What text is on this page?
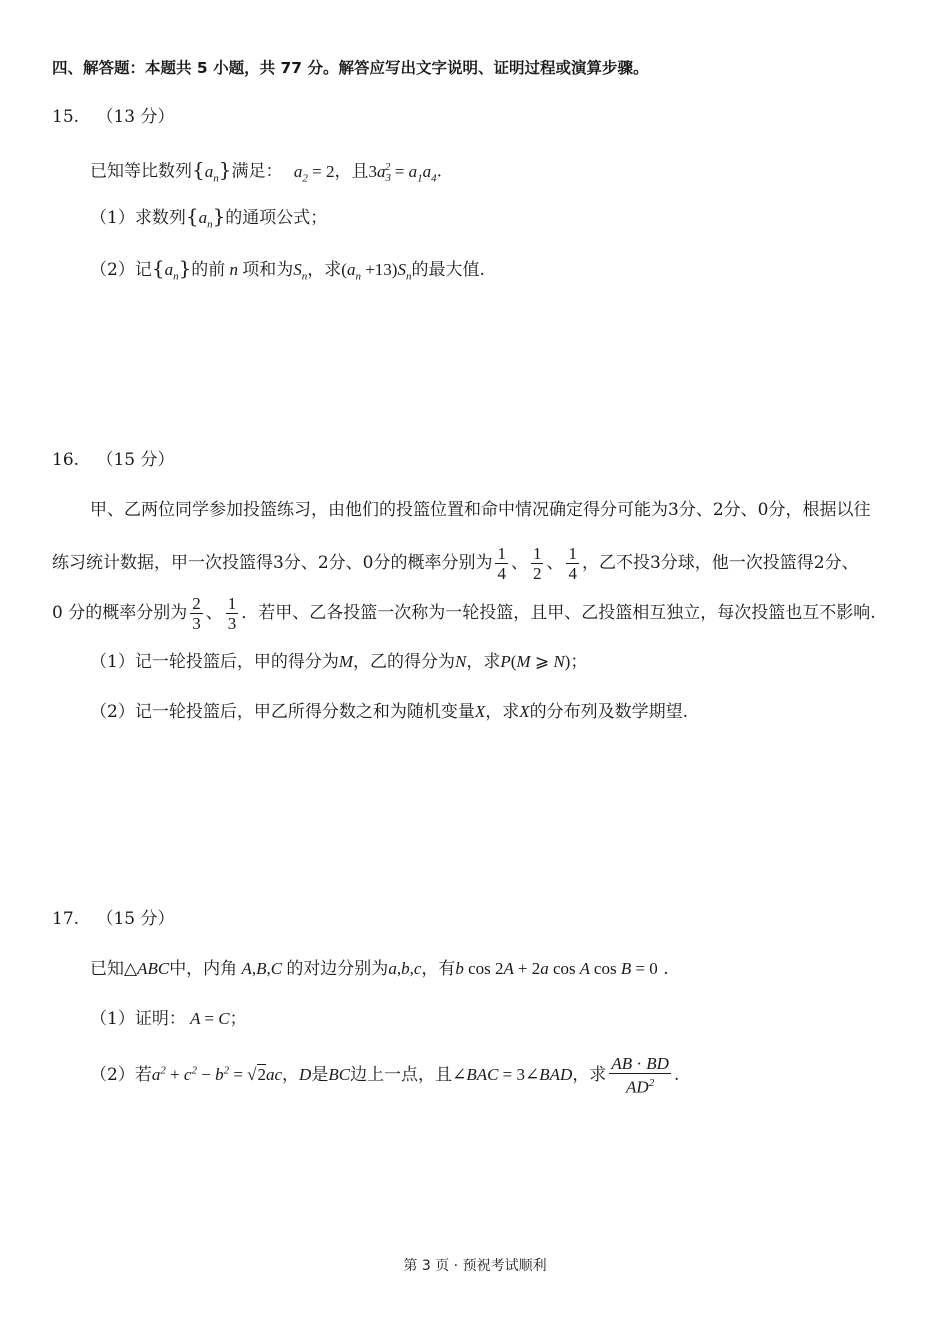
四、解答题：本题共 5 小题，共 77 分。解答应写出文字说明、证明过程或演算步骤。
15. （13 分）
已知等比数列$\{a_n\}$满足： $a_2 = 2$，且$3a_3^2 = a_1a_4$.
（1）求数列$\{a_n\}$的通项公式；
（2）记$\{a_n\}$的前 n 项和为$S_n$，求$(a_n +13)S_n$的最大值.
16. （15 分）
甲、乙两位同学参加投篮练习，由他们的投篮位置和命中情况确定得分可能为3分、2分、0分，根据以往
练习统计数据，甲一次投篮得3分、2分、0分的概率分别为 $\frac{1}{4}$ 、 $\frac{1}{2}$ 、 $\frac{1}{4}$ ，乙不投3分球，他一次投篮得2分、
0 分的概率分别为 $\frac{2}{3}$ 、 $\frac{1}{3}$ ．若甲、乙各投篮一次称为一轮投篮，且甲、乙投篮相互独立，每次投篮也互不影响.
（1）记一轮投篮后，甲的得分为M，乙的得分为N，求P(M ⩾ N)；
（2）记一轮投篮后，甲乙所得分数之和为随机变量X，求X的分布列及数学期望.
17. （15 分）
已知△ABC中，内角 A,B,C 的对边分别为a,b,c，有b cos 2A + 2a cos A cos B = 0 .
（1）证明： A = C；
（2）若$a^2 + c^2 - b^2 = √2ac$，D是BC边上一点，且∠BAC = 3∠BAD，求 $\frac{AB \cdot BD}{AD^2}$ .
第 3 页 · 预祝考试顺利
